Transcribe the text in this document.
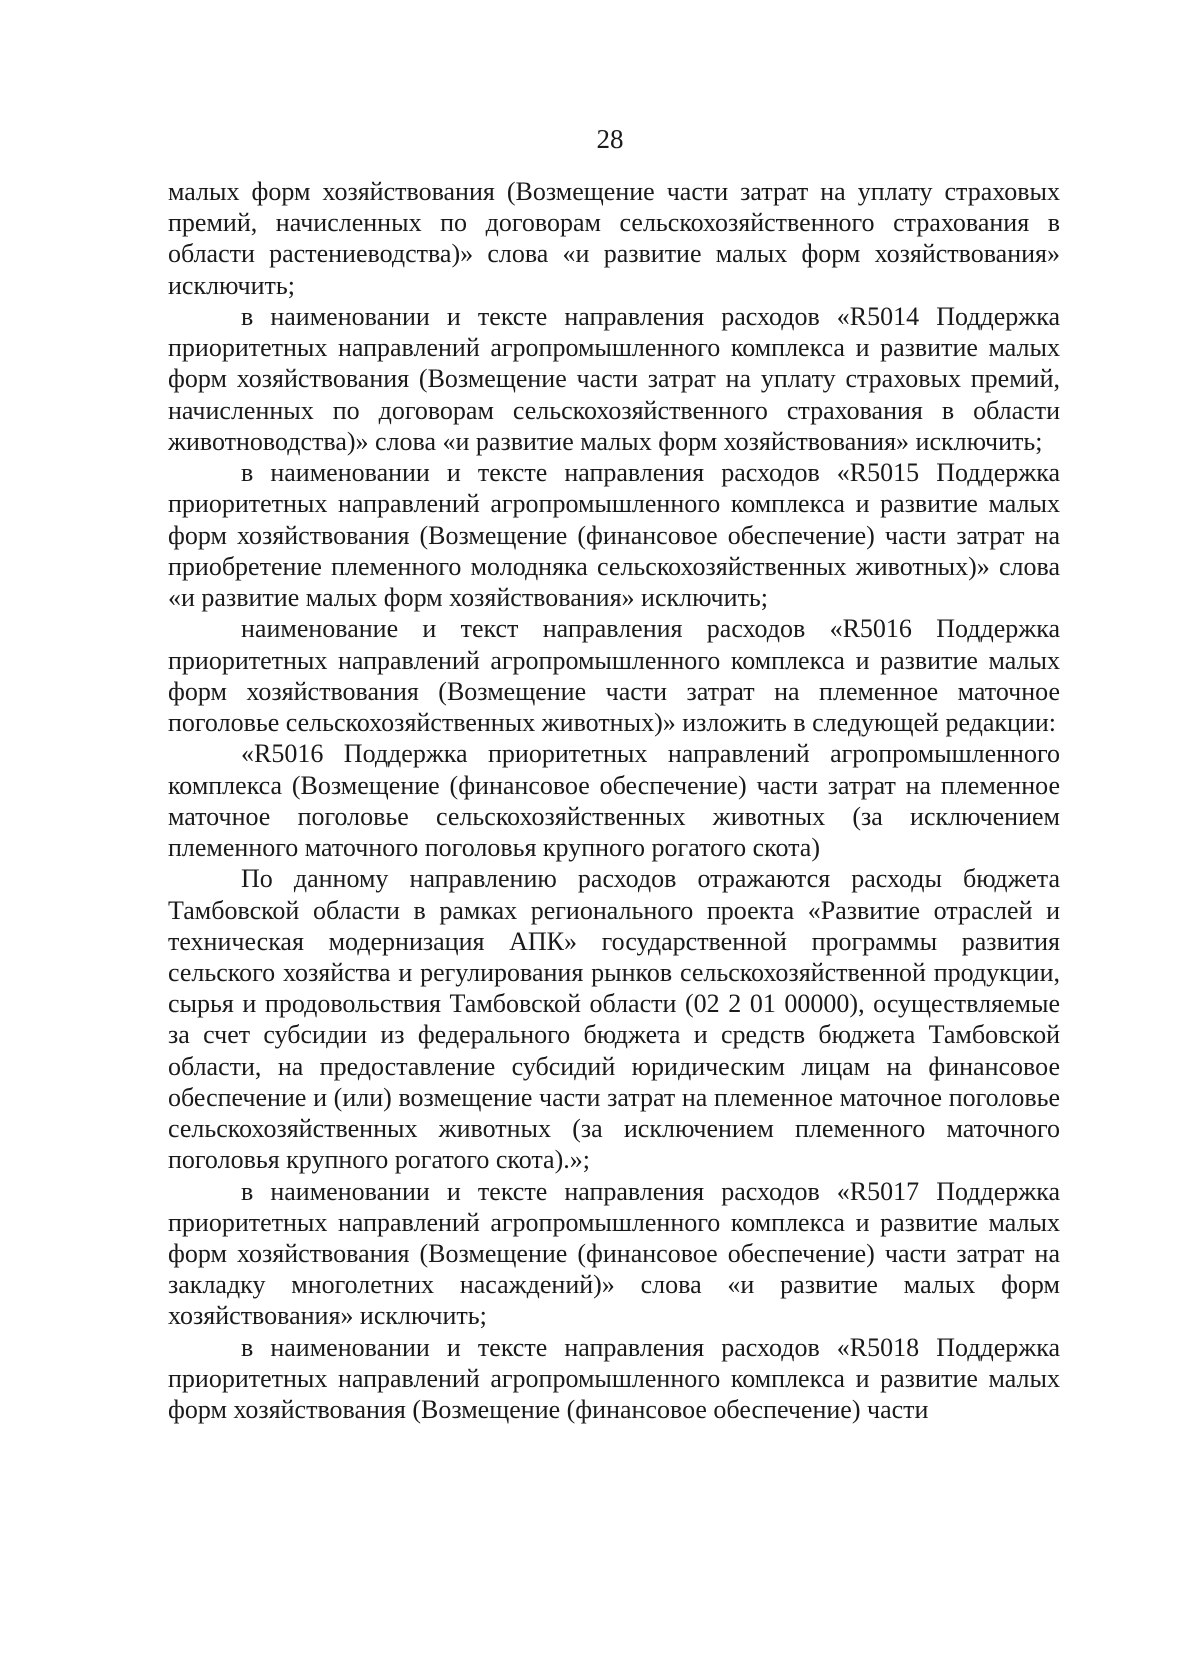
28

малых форм хозяйствования (Возмещение части затрат на уплату страховых премий, начисленных по договорам сельскохозяйственного страхования в области растениеводства)» слова «и развитие малых форм хозяйствования» исключить;

в наименовании и тексте направления расходов «R5014 Поддержка приоритетных направлений агропромышленного комплекса и развитие малых форм хозяйствования (Возмещение части затрат на уплату страховых премий, начисленных по договорам сельскохозяйственного страхования в области животноводства)» слова «и развитие малых форм хозяйствования» исключить;

в наименовании и тексте направления расходов «R5015 Поддержка приоритетных направлений агропромышленного комплекса и развитие малых форм хозяйствования (Возмещение (финансовое обеспечение) части затрат на приобретение племенного молодняка сельскохозяйственных животных)» слова «и развитие малых форм хозяйствования» исключить;

наименование и текст направления расходов «R5016 Поддержка приоритетных направлений агропромышленного комплекса и развитие малых форм хозяйствования (Возмещение части затрат на племенное маточное поголовье сельскохозяйственных животных)» изложить в следующей редакции:

«R5016 Поддержка приоритетных направлений агропромышленного комплекса (Возмещение (финансовое обеспечение) части затрат на племенное маточное поголовье сельскохозяйственных животных (за исключением племенного маточного поголовья крупного рогатого скота)

По данному направлению расходов отражаются расходы бюджета Тамбовской области в рамках регионального проекта «Развитие отраслей и техническая модернизация АПК» государственной программы развития сельского хозяйства и регулирования рынков сельскохозяйственной продукции, сырья и продовольствия Тамбовской области (02 2 01 00000), осуществляемые за счет субсидии из федерального бюджета и средств бюджета Тамбовской области, на предоставление субсидий юридическим лицам на финансовое обеспечение и (или) возмещение части затрат на племенное маточное поголовье сельскохозяйственных животных (за исключением племенного маточного поголовья крупного рогатого скота).»;

в наименовании и тексте направления расходов «R5017 Поддержка приоритетных направлений агропромышленного комплекса и развитие малых форм хозяйствования (Возмещение (финансовое обеспечение) части затрат на закладку многолетних насаждений)» слова «и развитие малых форм хозяйствования» исключить;

в наименовании и тексте направления расходов «R5018 Поддержка приоритетных направлений агропромышленного комплекса и развитие малых форм хозяйствования (Возмещение (финансовое обеспечение) части
